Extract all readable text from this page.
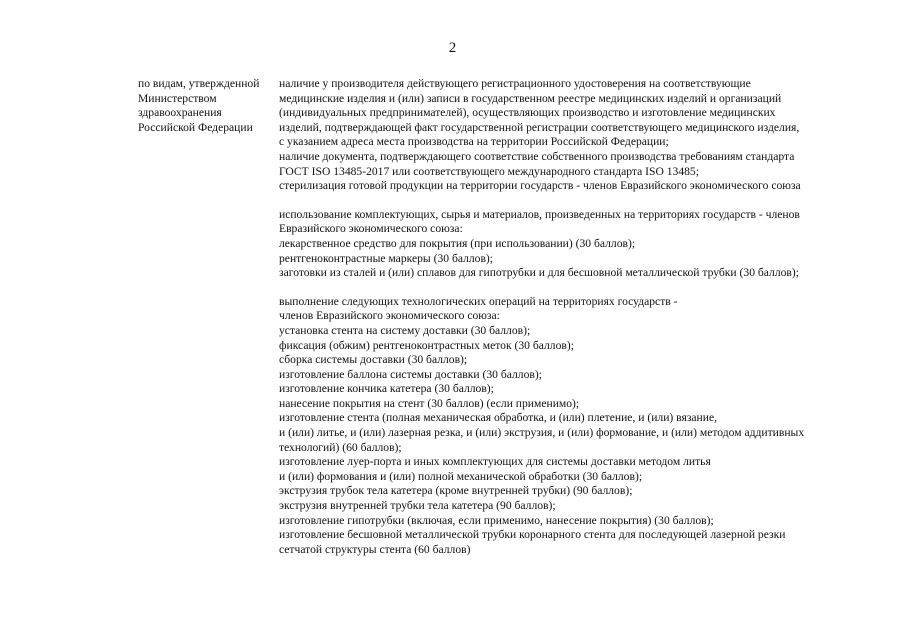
2
по видам, утвержденной
Министерством
здравоохранения
Российской Федерации
наличие у производителя действующего регистрационного удостоверения на соответствующие
медицинские изделия и (или) записи в государственном реестре медицинских изделий и организаций
(индивидуальных предпринимателей), осуществляющих производство и изготовление медицинских
изделий, подтверждающей факт государственной регистрации соответствующего медицинского изделия,
с указанием адреса места производства на территории Российской Федерации;
наличие документа, подтверждающего соответствие собственного производства требованиям стандарта
ГОСТ ISO 13485-2017 или соответствующего международного стандарта ISO 13485;
стерилизация готовой продукции на территории государств - членов Евразийского экономического союза
использование комплектующих, сырья и материалов, произведенных на территориях государств - членов
Евразийского экономического союза:
лекарственное средство для покрытия (при использовании) (30 баллов);
рентгеноконтрастные маркеры (30 баллов);
заготовки из сталей и (или) сплавов для гипотрубки и для бесшовной металлической трубки (30 баллов);
выполнение следующих технологических операций на территориях государств -
членов Евразийского экономического союза:
установка стента на систему доставки (30 баллов);
фиксация (обжим) рентгеноконтрастных меток (30 баллов);
сборка системы доставки (30 баллов);
изготовление баллона системы доставки (30 баллов);
изготовление кончика катетера (30 баллов);
нанесение покрытия на стент (30 баллов) (если применимо);
изготовление стента (полная механическая обработка, и (или) плетение, и (или) вязание,
и (или) литье, и (или) лазерная резка, и (или) экструзия, и (или) формование, и (или) методом аддитивных
технологий) (60 баллов);
изготовление луер-порта и иных комплектующих для системы доставки методом литья
и (или) формования и (или) полной механической обработки (30 баллов);
экструзия трубок тела катетера (кроме внутренней трубки) (90 баллов);
экструзия внутренней трубки тела катетера (90 баллов);
изготовление гипотрубки (включая, если применимо, нанесение покрытия) (30 баллов);
изготовление бесшовной металлической трубки коронарного стента для последующей лазерной резки
сетчатой структуры стента (60 баллов)
